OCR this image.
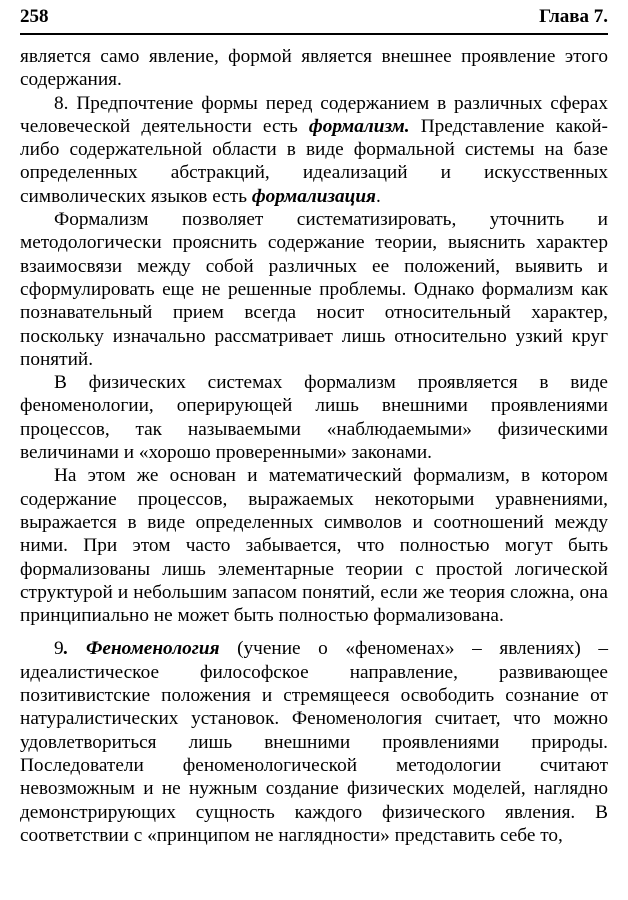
258	Глава 7.

является само явление, формой является внешнее проявление этого содержания.

8. Предпочтение формы перед содержанием в различных сферах человеческой деятельности есть формализм. Представление какой-либо содержательной области в виде формальной системы на базе определенных абстракций, идеализаций и искусственных символических языков есть формализация.

Формализм позволяет систематизировать, уточнить и методологически прояснить содержание теории, выяснить характер взаимосвязи между собой различных ее положений, выявить и сформулировать еще не решенные проблемы. Однако формализм как познавательный прием всегда носит относительный характер, поскольку изначально рассматривает лишь относительно узкий круг понятий.

В физических системах формализм проявляется в виде феноменологии, оперирующей лишь внешними проявлениями процессов, так называемыми «наблюдаемыми» физическими величинами и «хорошо проверенными» законами.

На этом же основан и математический формализм, в котором содержание процессов, выражаемых некоторыми уравнениями, выражается в виде определенных символов и соотношений между ними. При этом часто забывается, что полностью могут быть формализованы лишь элементарные теории с простой логической структурой и небольшим запасом понятий, если же теория сложна, она принципиально не может быть полностью формализована.

9. Феноменология (учение о «феноменах» – явлениях) – идеалистическое философское направление, развивающее позитивистские положения и стремящееся освободить сознание от натуралистических установок. Феноменология считает, что можно удовлетвориться лишь внешними проявлениями природы. Последователи феноменологической методологии считают невозможным и не нужным создание физических моделей, наглядно демонстрирующих сущность каждого физического явления. В соответствии с «принципом не наглядности» представить себе то,
